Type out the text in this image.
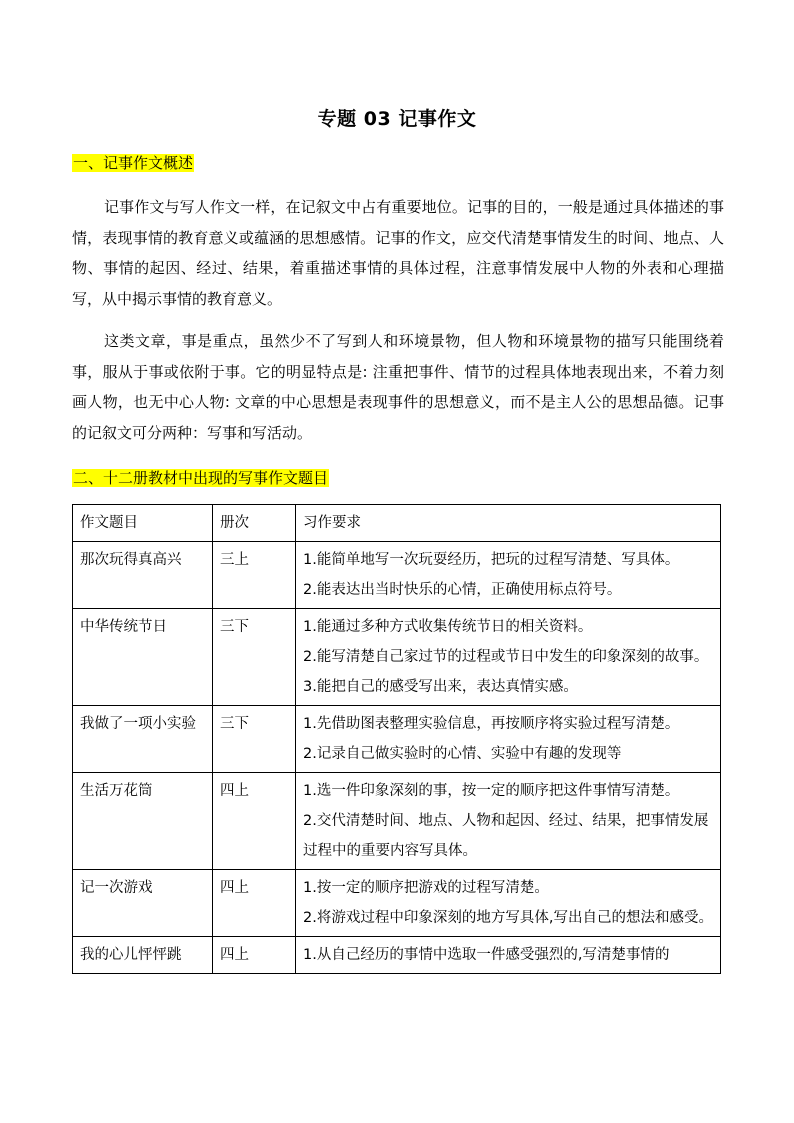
专题 03 记事作文
一、记事作文概述

记事作文与写人作文一样，在记叙文中占有重要地位。记事的目的，一般是通过具体描述的事情，表现事情的教育意义或蕴涵的思想感情。记事的作文，应交代清楚事情发生的时间、地点、人物、事情的起因、经过、结果，着重描述事情的具体过程，注意事情发展中人物的外表和心理描写，从中揭示事情的教育意义。

这类文章，事是重点，虽然少不了写到人和环境景物，但人物和环境景物的描写只能围绕着事，服从于事或依附于事。它的明显特点是: 注重把事件、情节的过程具体地表现出来，不着力刻画人物，也无中心人物: 文章的中心思想是表现事件的思想意义，而不是主人公的思想品德。记事的记叙文可分两种：写事和写活动。

二、十二册教材中出现的写事作文题目
作文题目	册次	习作要求
那次玩得真高兴	三上	1.能简单地写一次玩耍经历，把玩的过程写清楚、写具体。
2.能表达出当时快乐的心情，正确使用标点符号。

中华传统节日	三下	1.能通过多种方式收集传统节日的相关资料。
2.能写清楚自己家过节的过程或节日中发生的印象深刻的故事。
3.能把自己的感受写出来，表达真情实感。

我做了一项小实验	三下	1.先借助图表整理实验信息，再按顺序将实验过程写清楚。
2.记录自己做实验时的心情、实验中有趣的发现等

生活万花筒	四上	1.选一件印象深刻的事，按一定的顺序把这件事情写清楚。
2.交代清楚时间、地点、人物和起因、经过、结果，把事情发展过程中的重要内容写具体。

记一次游戏	四上	1.按一定的顺序把游戏的过程写清楚。
2.将游戏过程中印象深刻的地方写具体,写出自己的想法和感受。

我的心儿怦怦跳	四上	1.从自己经历的事情中选取一件感受强烈的,写清楚事情的
